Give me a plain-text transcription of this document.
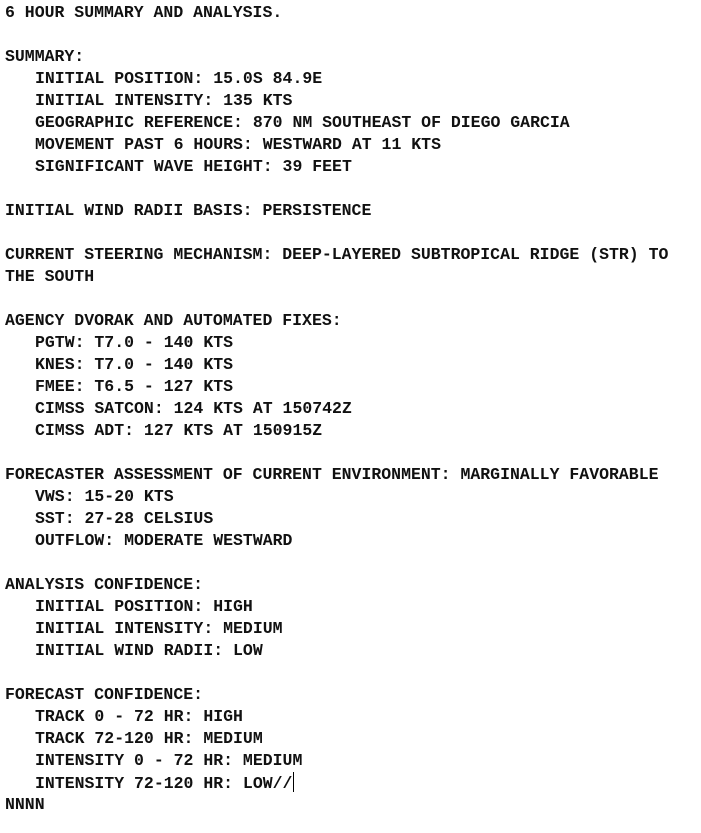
6 HOUR SUMMARY AND ANALYSIS.
SUMMARY:
INITIAL POSITION: 15.0S 84.9E
INITIAL INTENSITY: 135 KTS
GEOGRAPHIC REFERENCE: 870 NM SOUTHEAST OF DIEGO GARCIA
MOVEMENT PAST 6 HOURS: WESTWARD AT 11 KTS
SIGNIFICANT WAVE HEIGHT: 39 FEET
INITIAL WIND RADII BASIS: PERSISTENCE
CURRENT STEERING MECHANISM: DEEP-LAYERED SUBTROPICAL RIDGE (STR) TO
THE SOUTH
AGENCY DVORAK AND AUTOMATED FIXES:
PGTW: T7.0 - 140 KTS
KNES: T7.0 - 140 KTS
FMEE: T6.5 - 127 KTS
CIMSS SATCON: 124 KTS AT 150742Z
CIMSS ADT: 127 KTS AT 150915Z
FORECASTER ASSESSMENT OF CURRENT ENVIRONMENT: MARGINALLY FAVORABLE
VWS: 15-20 KTS
SST: 27-28 CELSIUS
OUTFLOW: MODERATE WESTWARD
ANALYSIS CONFIDENCE:
INITIAL POSITION: HIGH
INITIAL INTENSITY: MEDIUM
INITIAL WIND RADII: LOW
FORECAST CONFIDENCE:
TRACK 0 - 72 HR: HIGH
TRACK 72-120 HR: MEDIUM
INTENSITY 0 - 72 HR: MEDIUM
INTENSITY 72-120 HR: LOW//
NNNN
